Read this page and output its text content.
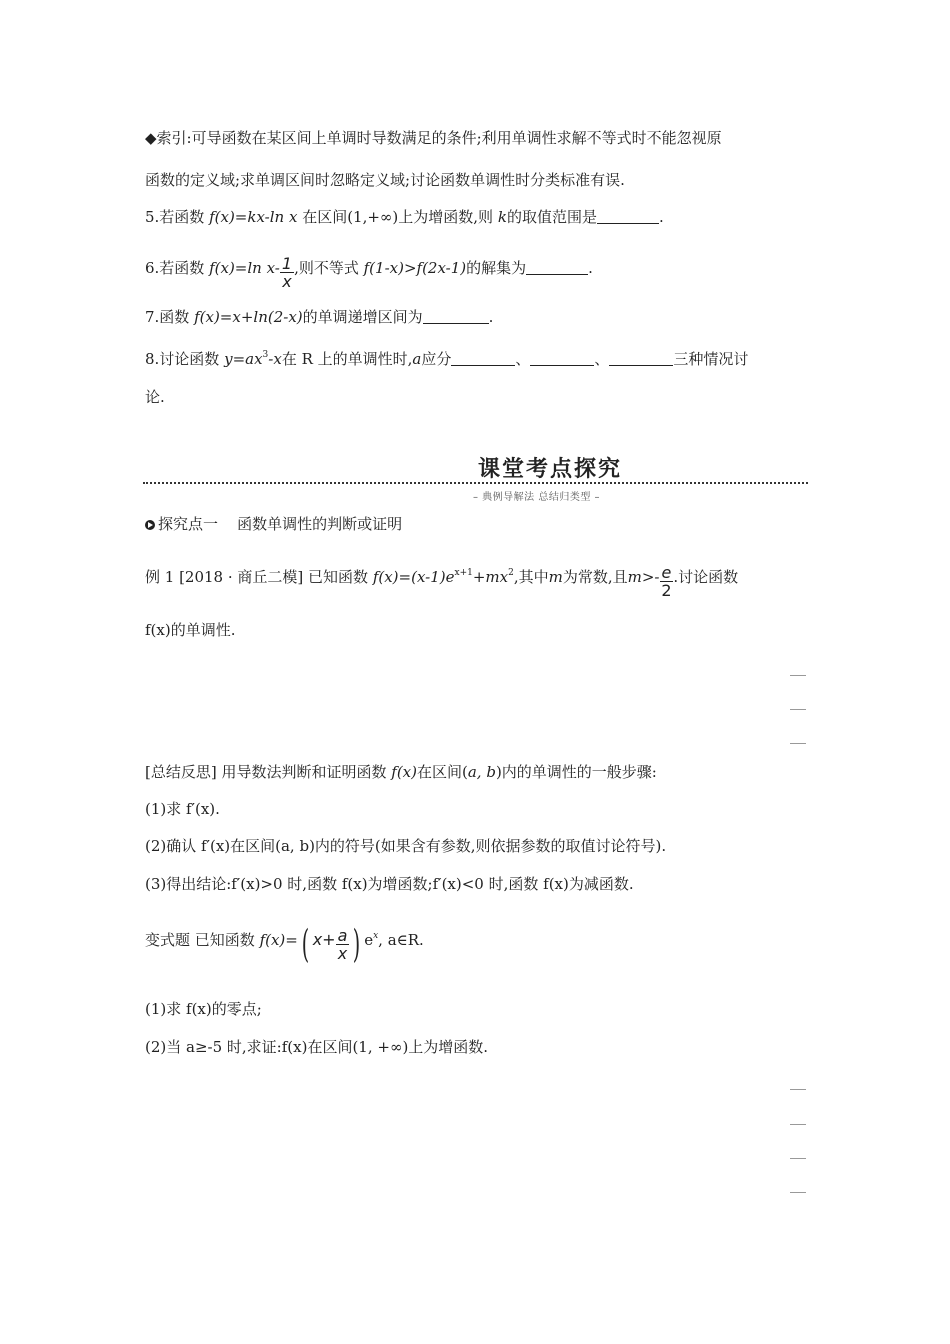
◆索引:可导函数在某区间上单调时导数满足的条件;利用单调性求解不等式时不能忽视原
函数的定义域;求单调区间时忽略定义域;讨论函数单调性时分类标准有误.
5.若函数 f(x)=kx-ln x 在区间(1,+∞)上为增函数,则 k的取值范围是	.
6.若函数 f(x)=ln $x- \frac{1}{x}$ ,则不等式 f(1-x)>f(2x-1)的解集为	.
7.函数 f(x)=x+ln(2-x)的单调递增区间为	.
8.讨论函数 $y=ax^3-x$在 R 上的单调性时,a应分	、	、	三种情况讨
论.
课堂考点探究
– 典例导解法 总结归类型 –
探究点一 函数单调性的判断或证明
例 1 [2018 · 商丘二模] 已知函数 $f(x)=(x-1)e^{x+1}+mx^2$,其中m为常数,且$m>- \frac{e}{2}$ .讨论函数
f(x)的单调性.
[总结反思] 用导数法判断和证明函数 f(x)在区间(a, b)内的单调性的一般步骤:
(1)求 f′(x).
(2)确认 f′(x)在区间(a, b)内的符号(如果含有参数,则依据参数的取值讨论符号).
(3)得出结论:f′(x)>0 时,函数 f(x)为增函数;f′(x)<0 时,函数 f(x)为减函数.
变式题 已知函数 f(x)=( $x+ \frac{a}{x}$ ) $e^x$, a∈R.
(1)求 f(x)的零点;
(2)当 a≥-5 时,求证:f(x)在区间(1, +∞)上为增函数.
